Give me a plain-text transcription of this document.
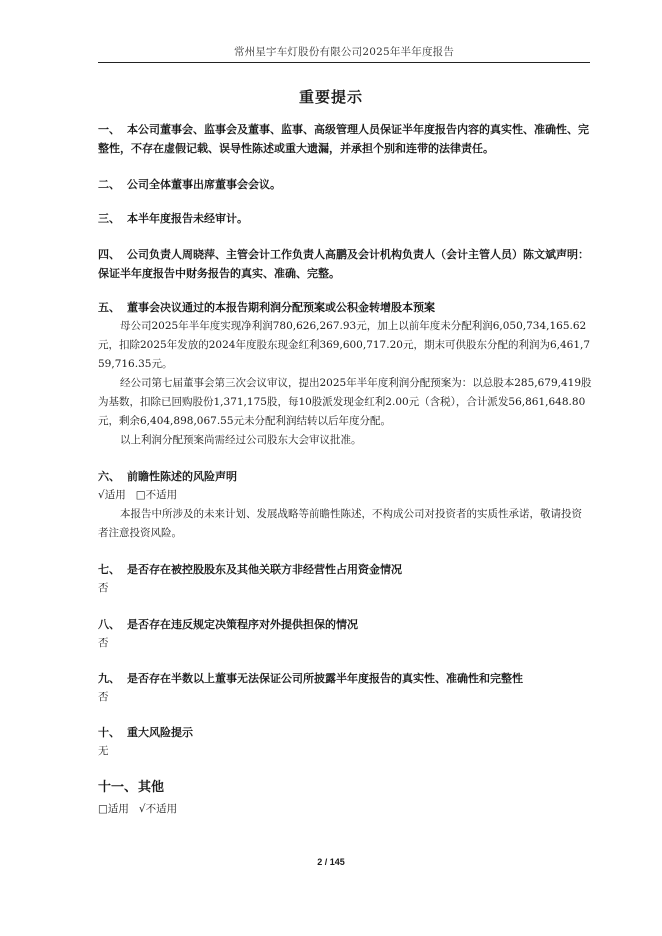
常州星宇车灯股份有限公司2025年半年度报告
重要提示
一、 本公司董事会、监事会及董事、监事、高级管理人员保证半年度报告内容的真实性、准确性、完整性，不存在虚假记载、误导性陈述或重大遗漏，并承担个别和连带的法律责任。
二、 公司全体董事出席董事会会议。
三、 本半年度报告未经审计。
四、 公司负责人周晓萍、主管会计工作负责人高鹏及会计机构负责人（会计主管人员）陈文斌声明：保证半年度报告中财务报告的真实、准确、完整。
五、 董事会决议通过的本报告期利润分配预案或公积金转增股本预案
母公司2025年半年度实现净利润780,626,267.93元，加上以前年度未分配利润6,050,734,165.62元，扣除2025年发放的2024年度股东现金红利369,600,717.20元，期末可供股东分配的利润为6,461,759,716.35元。
经公司第七届董事会第三次会议审议，提出2025年半年度利润分配预案为：以总股本285,679,419股为基数，扣除已回购股份1,371,175股，每10股派发现金红利2.00元（含税），合计派发56,861,648.80元，剩余6,404,898,067.55元未分配利润结转以后年度分配。
以上利润分配预案尚需经过公司股东大会审议批准。
六、 前瞻性陈述的风险声明
√适用 □不适用
本报告中所涉及的未来计划、发展战略等前瞻性陈述，不构成公司对投资者的实质性承诺，敬请投资者注意投资风险。
七、 是否存在被控股股东及其他关联方非经营性占用资金情况
否
八、 是否存在违反规定决策程序对外提供担保的情况
否
九、 是否存在半数以上董事无法保证公司所披露半年度报告的真实性、准确性和完整性
否
十、 重大风险提示
无
十一、其他
□适用 √不适用
2 / 145
